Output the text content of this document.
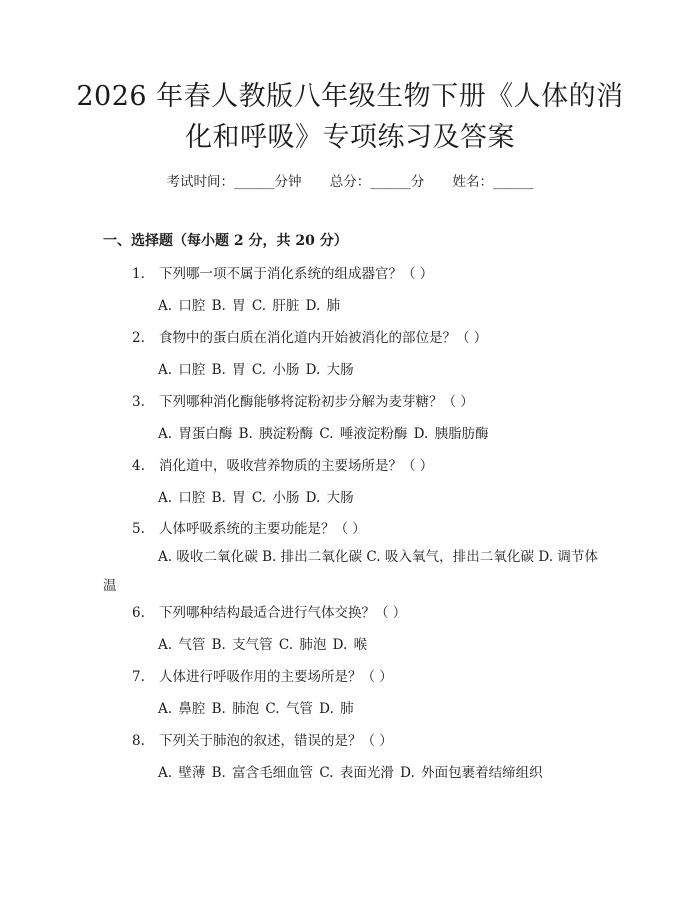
2026 年春人教版八年级生物下册《人体的消
化和呼吸》专项练习及答案
考试时间：______分钟 总分：______分 姓名：______
一、选择题（每小题 2 分，共 20 分）
1. 下列哪一项不属于消化系统的组成器官？（ ）
A. 口腔 B. 胃 C. 肝脏 D. 肺
2. 食物中的蛋白质在消化道内开始被消化的部位是？（ ）
A. 口腔 B. 胃 C. 小肠 D. 大肠
3. 下列哪种消化酶能够将淀粉初步分解为麦芽糖？（ ）
A. 胃蛋白酶 B. 胰淀粉酶 C. 唾液淀粉酶 D. 胰脂肪酶
4. 消化道中，吸收营养物质的主要场所是？（ ）
A. 口腔 B. 胃 C. 小肠 D. 大肠
5. 人体呼吸系统的主要功能是？（ ）
A. 吸收二氧化碳 B. 排出二氧化碳 C. 吸入氧气，排出二氧化碳 D. 调节体温
6. 下列哪种结构最适合进行气体交换？（ ）
A. 气管 B. 支气管 C. 肺泡 D. 喉
7. 人体进行呼吸作用的主要场所是？（ ）
A. 鼻腔 B. 肺泡 C. 气管 D. 肺
8. 下列关于肺泡的叙述，错误的是？（ ）
A. 壁薄 B. 富含毛细血管 C. 表面光滑 D. 外面包裹着结缔组织
